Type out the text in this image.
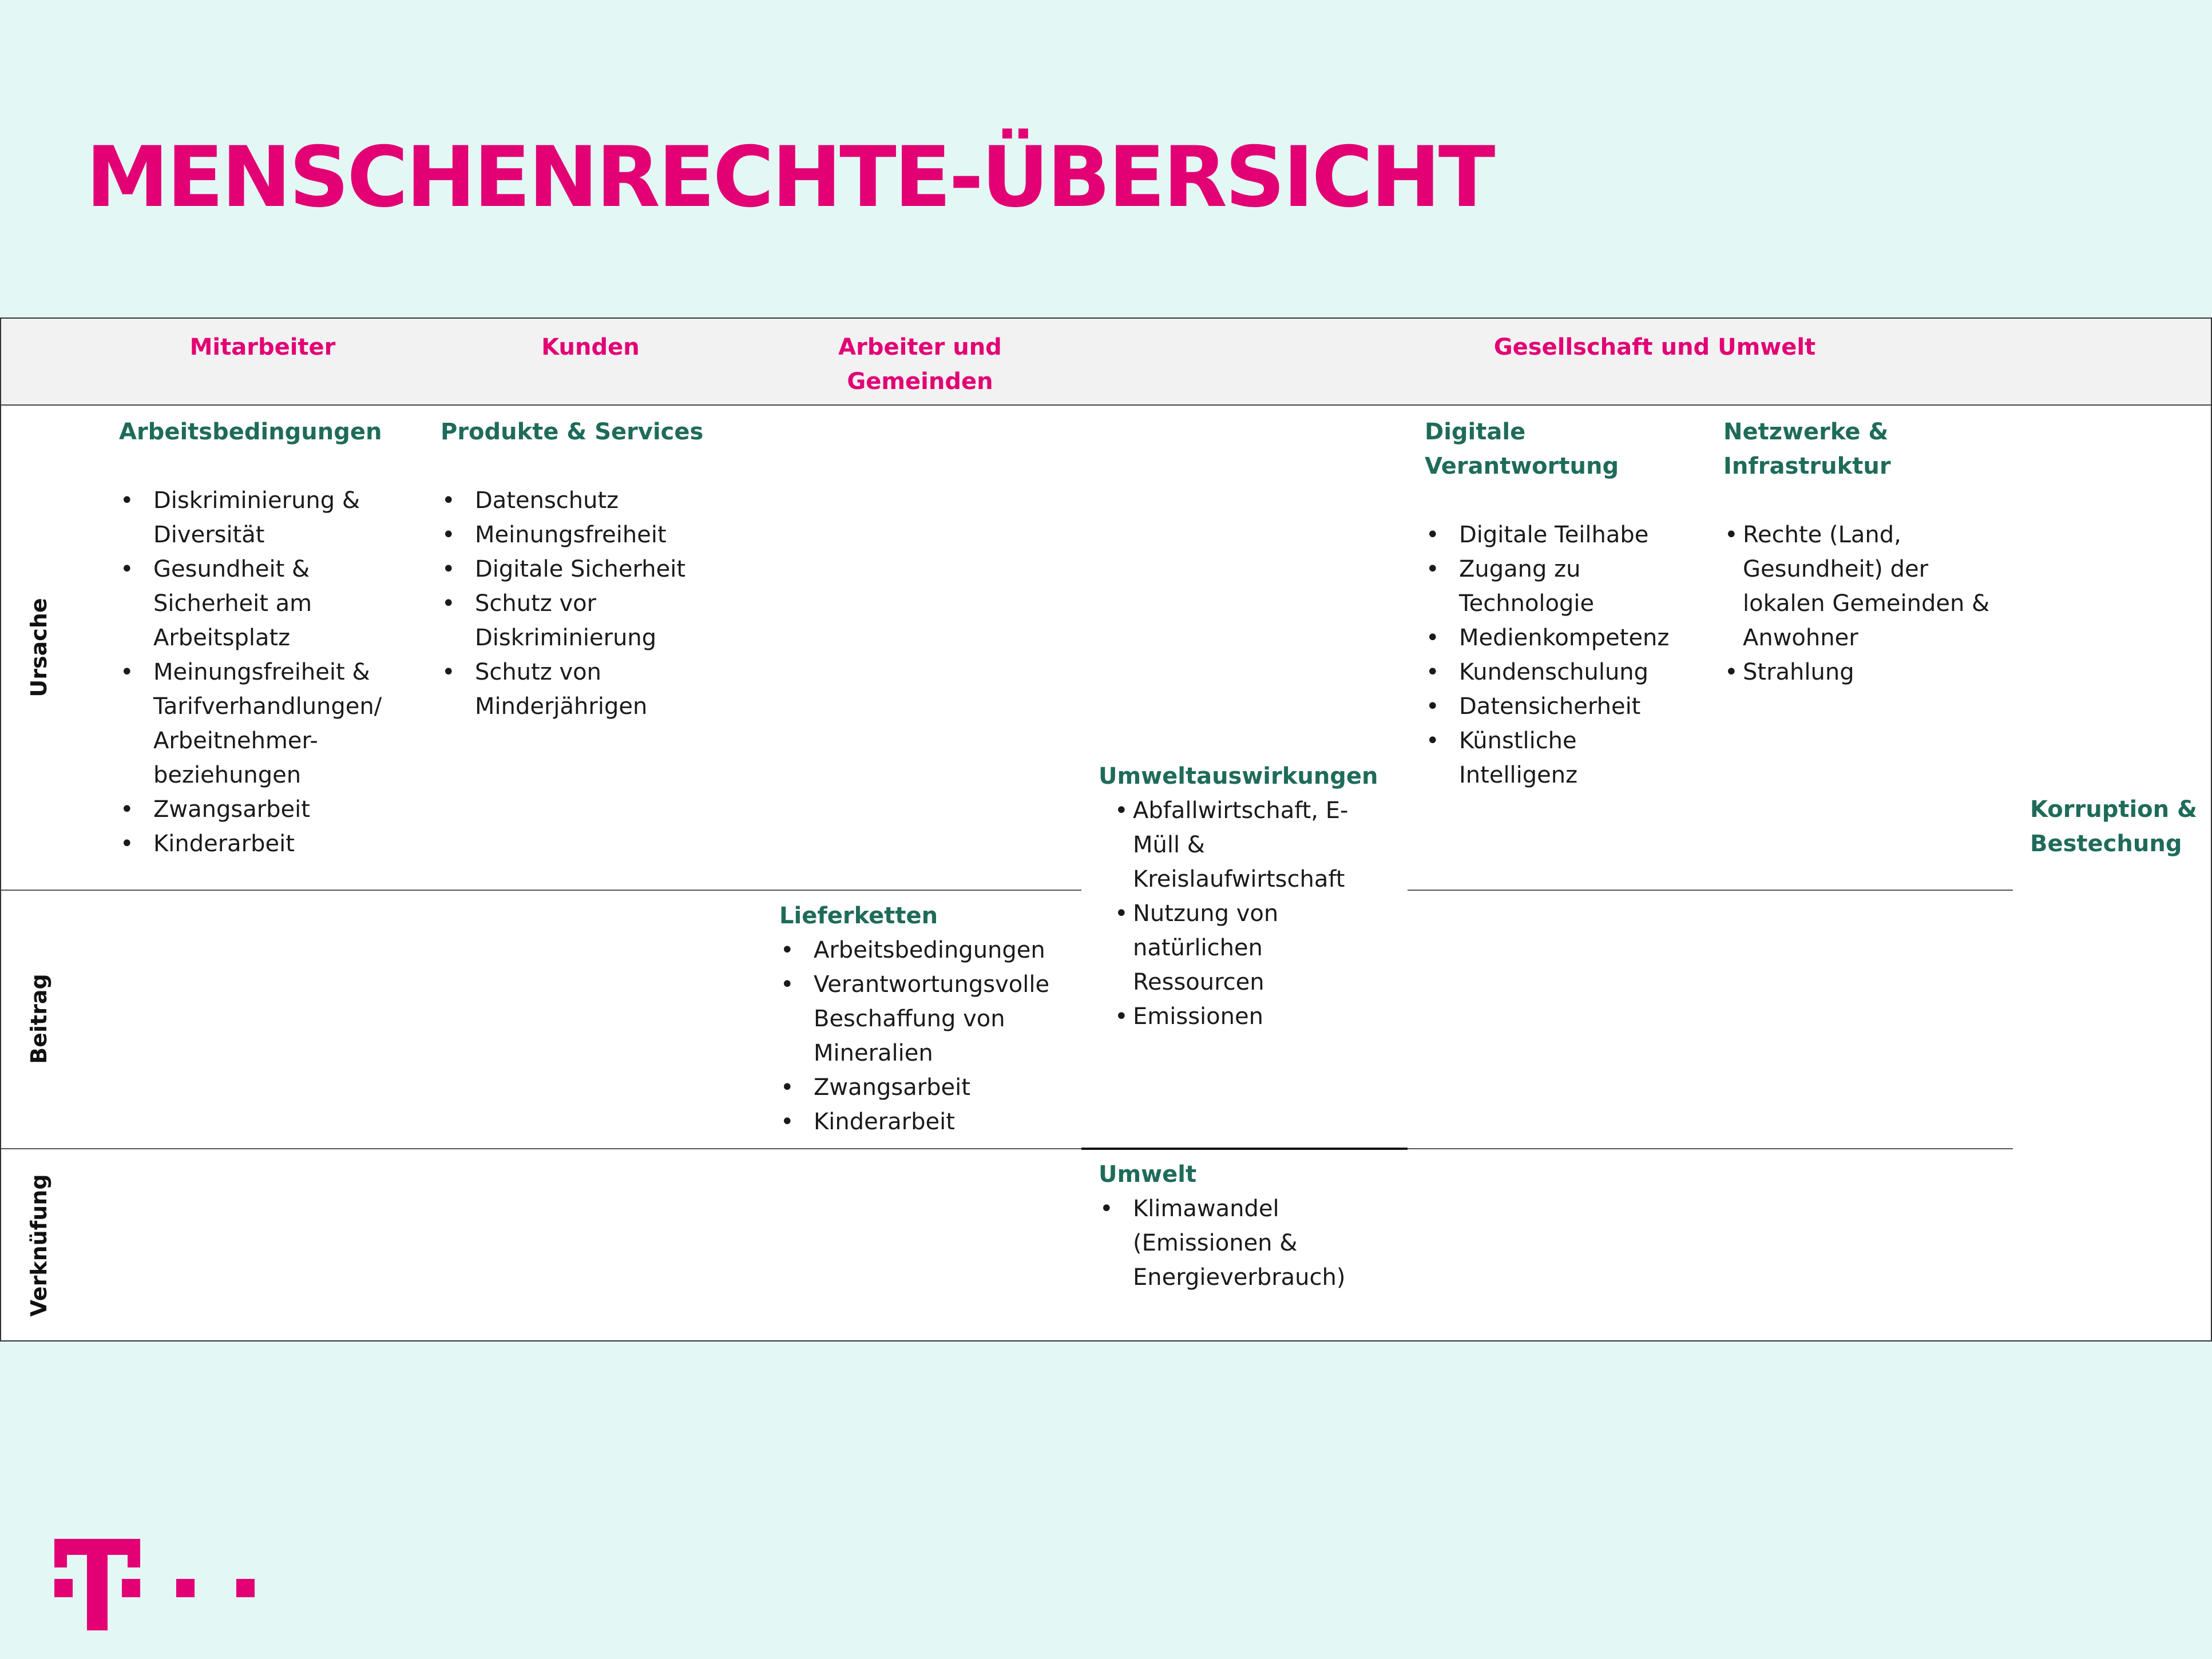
MENSCHENRECHTE-ÜBERSICHT
Mitarbeiter	Kunden	Arbeiter und
Gemeinden
Gesellschaft und Umwelt
Ursache
Beitrag
Verknüfung
Arbeitsbedingungen
• Diskriminierung &
Diversität
• Gesundheit &
Sicherheit am
Arbeitsplatz
• Meinungsfreiheit &
Tarifverhandlungen/
Arbeitnehmer-
beziehungen
• Zwangsarbeit
• Kinderarbeit
Produkte & Services
• Datenschutz
• Meinungsfreiheit
• Digitale Sicherheit
• Schutz vor
Diskriminierung
• Schutz von
Minderjährigen
Digitale
Verantwortung
• Digitale Teilhabe
• Zugang zu
Technologie
• Medienkompetenz
• Kundenschulung
• Datensicherheit
• Künstliche
Intelligenz
Netzwerke &
Infrastruktur
• Rechte (Land,
Gesundheit) der
lokalen Gemeinden &
Anwohner
• Strahlung
Umweltauswirkungen
• Abfallwirtschaft, E-
Müll &
Kreislaufwirtschaft
• Nutzung von
natürlichen
Ressourcen
• Emissionen
Korruption &
Bestechung
Lieferketten
• Arbeitsbedingungen
• Verantwortungsvolle
Beschaffung von
Mineralien
• Zwangsarbeit
• Kinderarbeit
Umwelt
• Klimawandel
(Emissionen &
Energieverbrauch)
